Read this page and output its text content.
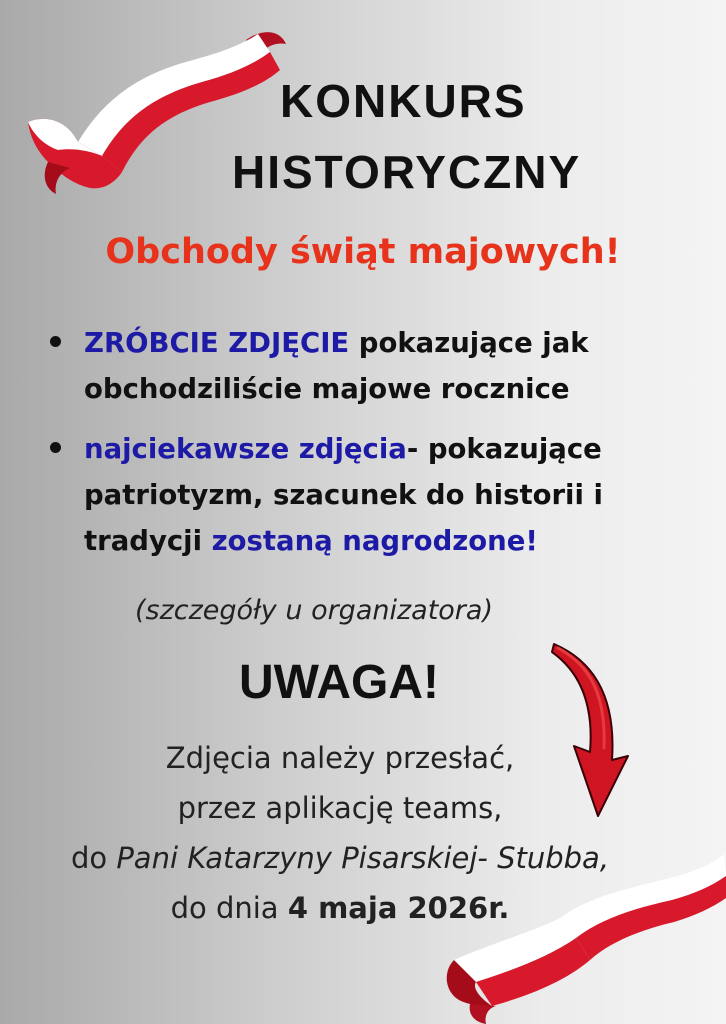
KONKURS
HISTORYCZNY
Obchody świąt majowych!
ZRÓBCIE ZDJĘCIE pokazujące jak obchodziliście majowe rocznice
najciekawsze zdjęcia- pokazujące patriotyzm, szacunek do historii i tradycji zostaną nagrodzone!

(szczegóły u organizatora)

UWAGA!
Zdjęcia należy przesłać,
przez aplikację teams,
do Pani Katarzyny Pisarskiej- Stubba,
do dnia 4 maja 2026r.
